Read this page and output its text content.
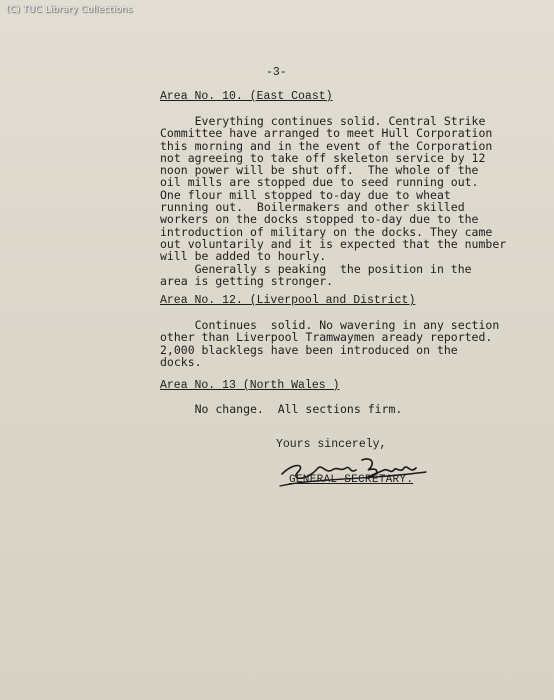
(C) TUC Library Collections
-3-
Area No. 10. (East Coast)
Everything continues solid. Central Strike
Committee have arranged to meet Hull Corporation
this morning and in the event of the Corporation
not agreeing to take off skeleton service by 12
noon power will be shut off.  The whole of the
oil mills are stopped due to seed running out.
One flour mill stopped to-day due to wheat
running out.  Boilermakers and other skilled
workers on the docks stopped to-day due to the
introduction of military on the docks. They came
out voluntarily and it is expected that the number
will be added to hourly.
Generally s peaking  the position in the
area is getting stronger.
Area No. 12. (Liverpool and District)
Continues  solid. No wavering in any section
other than Liverpool Tramwaymen aready reported.
2,000 blacklegs have been introduced on the
docks.
Area No. 13 (North Wales )
No change.  All sections firm.
Yours sincerely,
GENERAL SECRETARY.
